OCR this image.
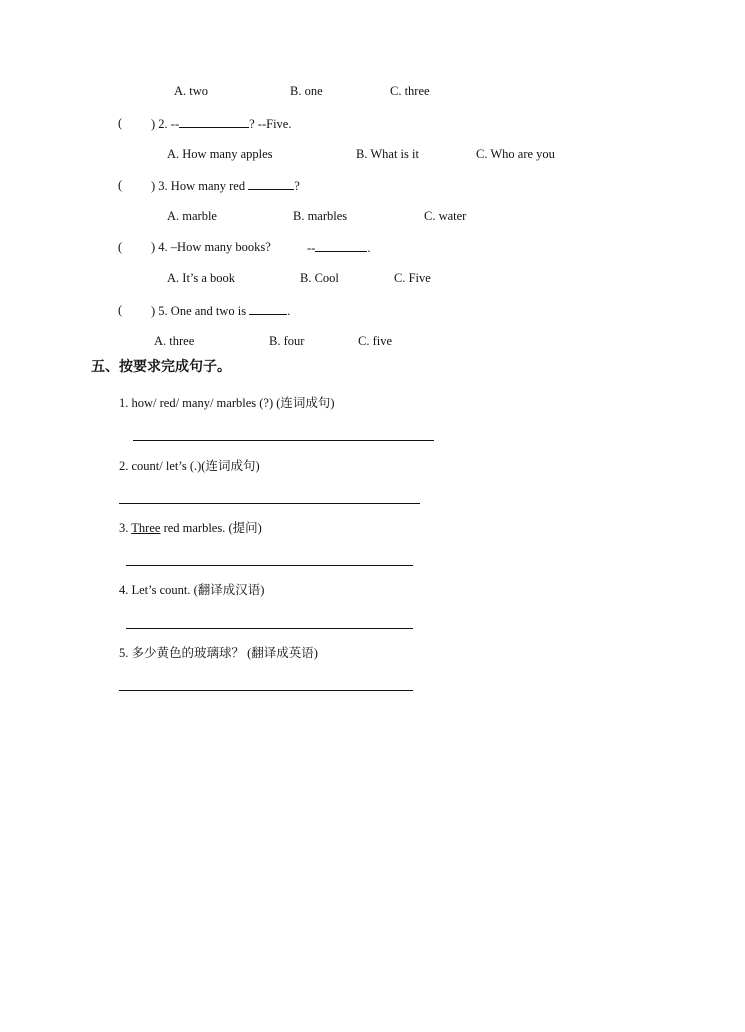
A. two	B. one	C. three
( ) 2. --	? --Five.
A. How many apples	B. What is it	C. Who are you
( ) 3. How many red	?
A. marble	B. marbles	C. water
( ) 4. –How many books?	--	.
A. It’s a book	B. Cool	C. Five
( ) 5. One and two is	.
A. three	B. four	C. five
五、按要求完成句子。
1. how/ red/ many/ marbles (?) (连词成句)
2. count/ let’s (.)(连词成句)
3. Three red marbles. (提问)
4. Let’s count. (翻译成汉语)
5. 多少黄色的玻璃球？ (翻译成英语)
